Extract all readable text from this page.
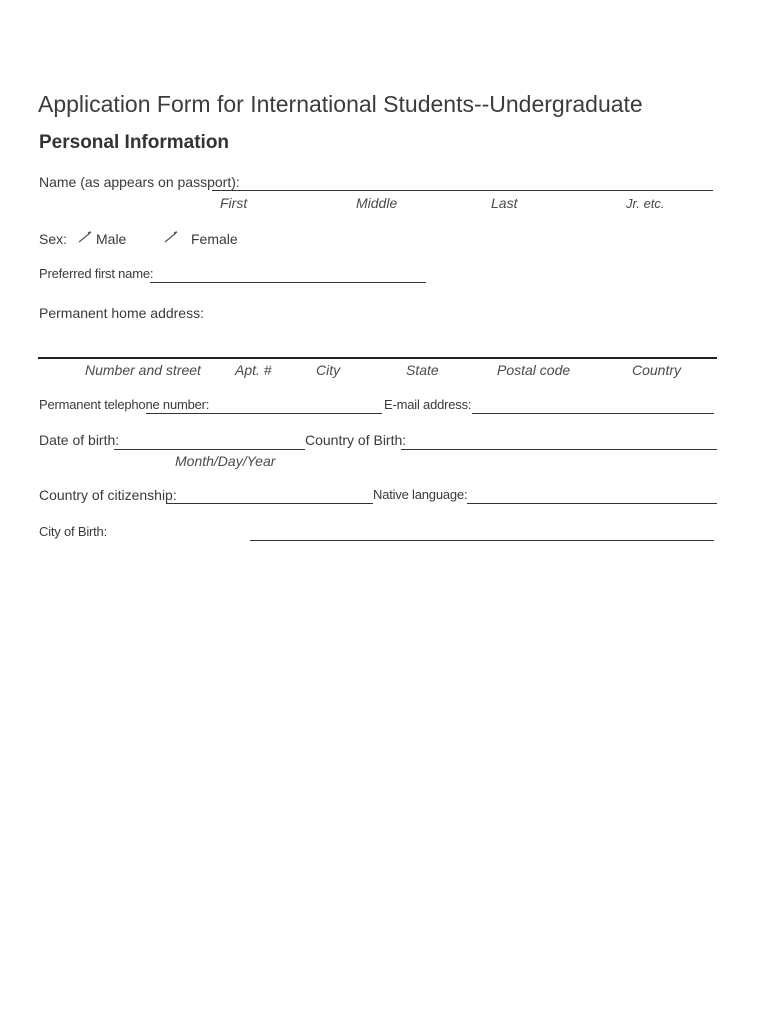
Application Form for International Students--Undergraduate
Personal Information
Name (as appears on passport):
First	Middle	Last	Jr. etc.
Sex: Male	Female
Preferred first name:
Permanent home address:
Number and street Apt. #	City	State	Postal code	Country
Permanent telephone number:	E-mail address:
Date of birth:
Month/Day/Year
Country of Birth:
Country of citizenship:	Native language:
City of Birth:
